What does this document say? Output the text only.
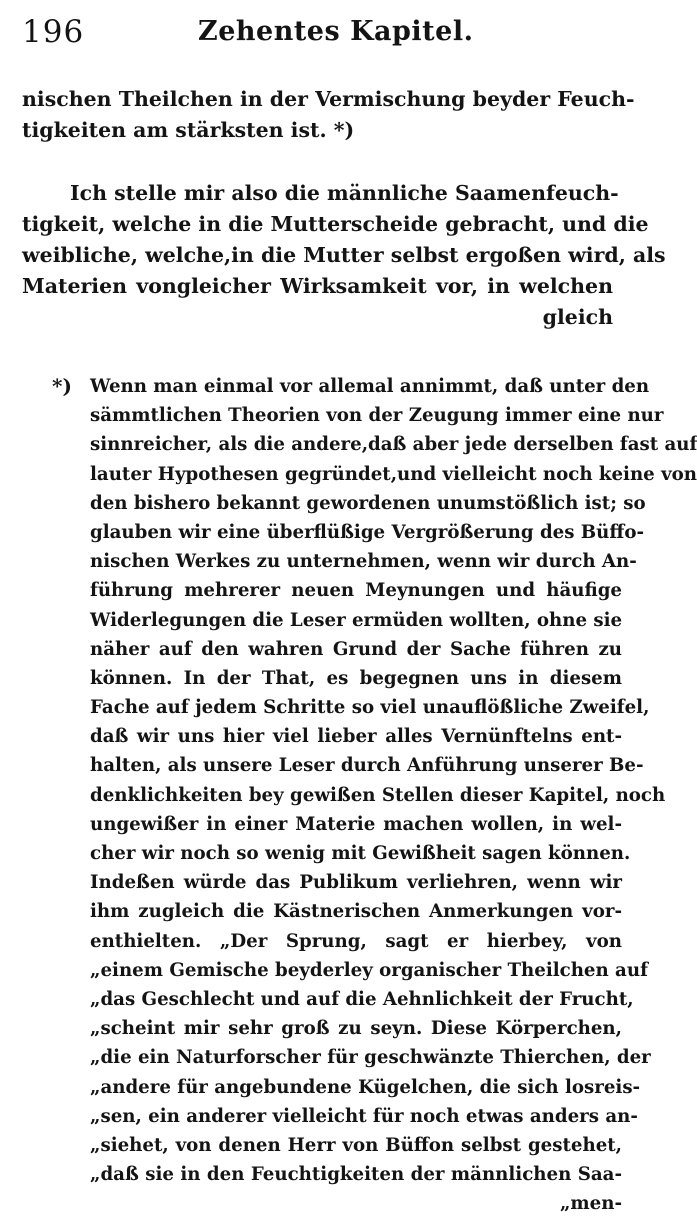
196	Zehentes Kapitel.
nischen Theilchen in der Vermischung beyder Feuch-
tigkeiten am stärksten ist. *)
Ich stelle mir also die männliche Saamenfeuch-
tigkeit, welche in die Mutterscheide gebracht, und die
weibliche, welche,in die Mutter selbst ergoßen wird, als
Materien vongleicher Wirksamkeit vor, in welchen
gleich
*) Wenn man einmal vor allemal annimmt, daß unter den
sämmtlichen Theorien von der Zeugung immer eine nur
sinnreicher, als die andere,daß aber jede derselben fast auf
lauter Hypothesen gegründet,und vielleicht noch keine von
den bishero bekannt gewordenen unumstößlich ist; so
glauben wir eine überflüßige Vergrößerung des Büffo-
nischen Werkes zu unternehmen, wenn wir durch An-
führung mehrerer neuen Meynungen und häufige
Widerlegungen die Leser ermüden wollten, ohne sie
näher auf den wahren Grund der Sache führen zu
können. In der That, es begegnen uns in diesem
Fache auf jedem Schritte so viel unauflößliche Zweifel,
daß wir uns hier viel lieber alles Vernünftelns ent-
halten, als unsere Leser durch Anführung unserer Be-
denklichkeiten bey gewißen Stellen dieser Kapitel, noch
ungewißer in einer Materie machen wollen, in wel-
cher wir noch so wenig mit Gewißheit sagen können.
Indeßen würde das Publikum verliehren, wenn wir
ihm zugleich die Kästnerischen Anmerkungen vor-
enthielten. „Der Sprung, sagt er hierbey, von
„einem Gemische beyderley organischer Theilchen auf
„das Geschlecht und auf die Aehnlichkeit der Frucht,
„scheint mir sehr groß zu seyn. Diese Körperchen,
„die ein Naturforscher für geschwänzte Thierchen, der
„andere für angebundene Kügelchen, die sich losreis-
„sen, ein anderer vielleicht für noch etwas anders an-
„siehet, von denen Herr von Büffon selbst gestehet,
„daß sie in den Feuchtigkeiten der männlichen Saa-
„men-
